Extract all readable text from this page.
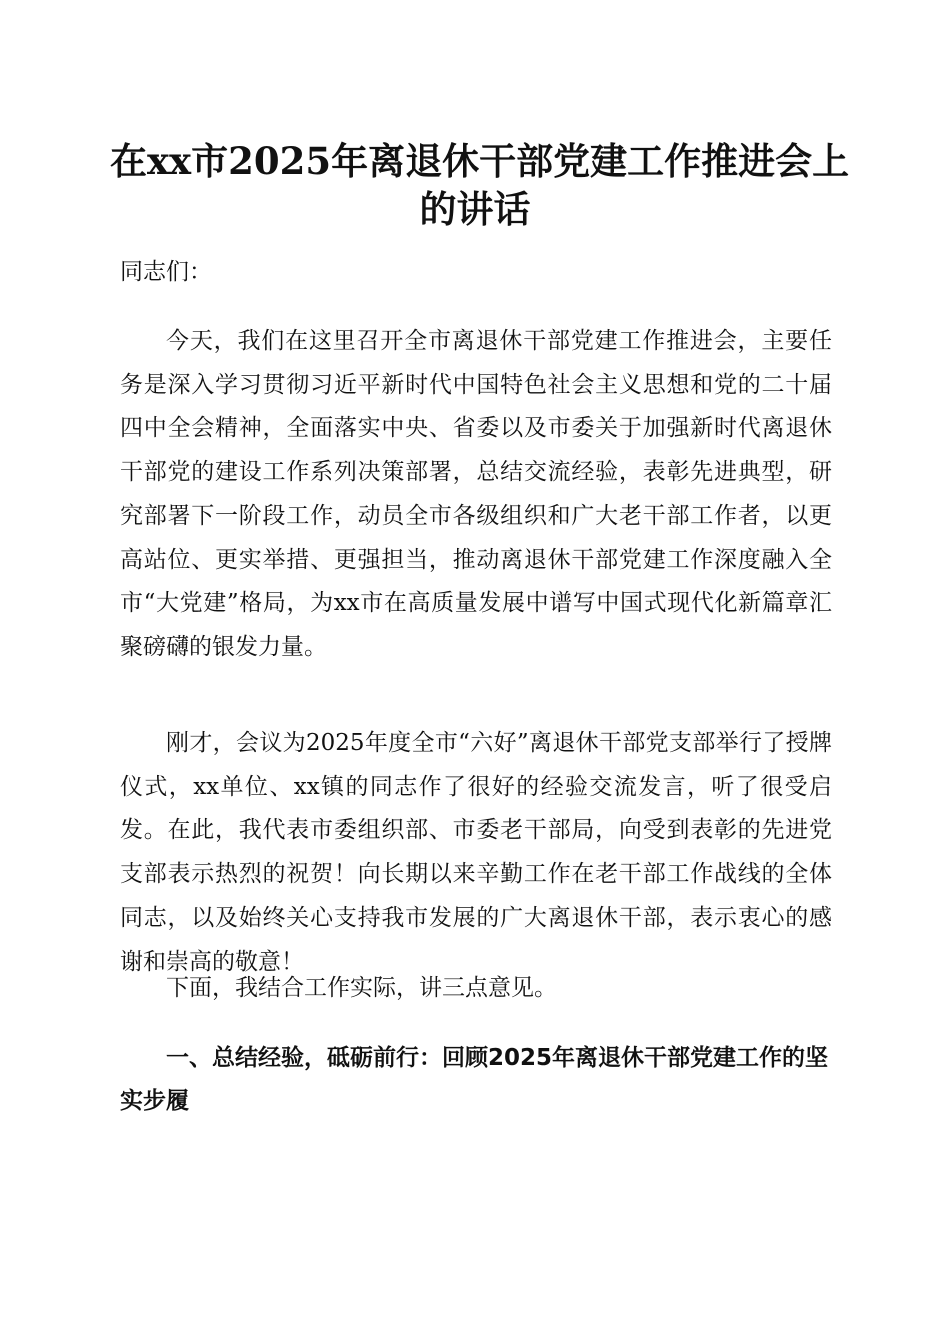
在xx市2025年离退休干部党建工作推进会上
的讲话

同志们：

今天，我们在这里召开全市离退休干部党建工作推进会，主要任务是深入学习贯彻习近平新时代中国特色社会主义思想和党的二十届四中全会精神，全面落实中央、省委以及市委关于加强新时代离退休干部党的建设工作系列决策部署，总结交流经验，表彰先进典型，研究部署下一阶段工作，动员全市各级组织和广大老干部工作者，以更高站位、更实举措、更强担当，推动离退休干部党建工作深度融入全市“大党建”格局，为xx市在高质量发展中谱写中国式现代化新篇章汇聚磅礴的银发力量。

刚才，会议为2025年度全市“六好”离退休干部党支部举行了授牌仪式，xx单位、xx镇的同志作了很好的经验交流发言，听了很受启发。在此，我代表市委组织部、市委老干部局，向受到表彰的先进党支部表示热烈的祝贺！向长期以来辛勤工作在老干部工作战线的全体同志，以及始终关心支持我市发展的广大离退休干部，表示衷心的感谢和崇高的敬意！

下面，我结合工作实际，讲三点意见。

一、总结经验，砥砺前行：回顾2025年离退休干部党建工作的坚实步履
